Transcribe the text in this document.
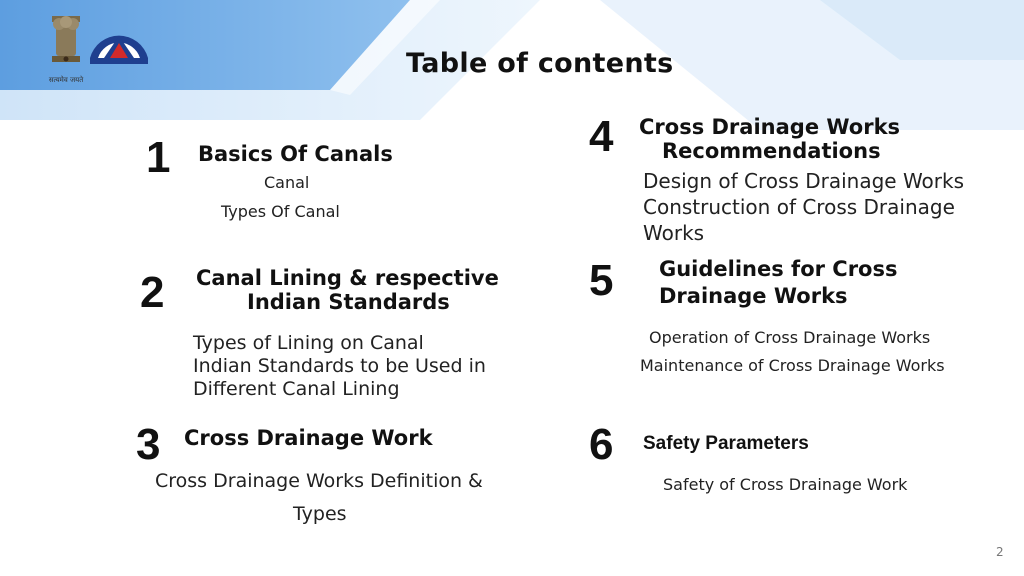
सत्यमेव जयते
Table of contents
1 Basics Of Canals
Canal
Types Of Canal
2 Canal Lining & respective
Indian Standards
Types of Lining on Canal
Indian Standards to be Used in
Different Canal Lining
3 Cross Drainage Work
Cross Drainage Works Definition &
Types
4 Cross Drainage Works
Recommendations
Design of Cross Drainage Works
Construction of Cross Drainage
Works
5 Guidelines for Cross
Drainage Works
Operation of Cross Drainage Works
Maintenance of Cross Drainage Works
6 Safety Parameters
Safety of Cross Drainage Work
2
